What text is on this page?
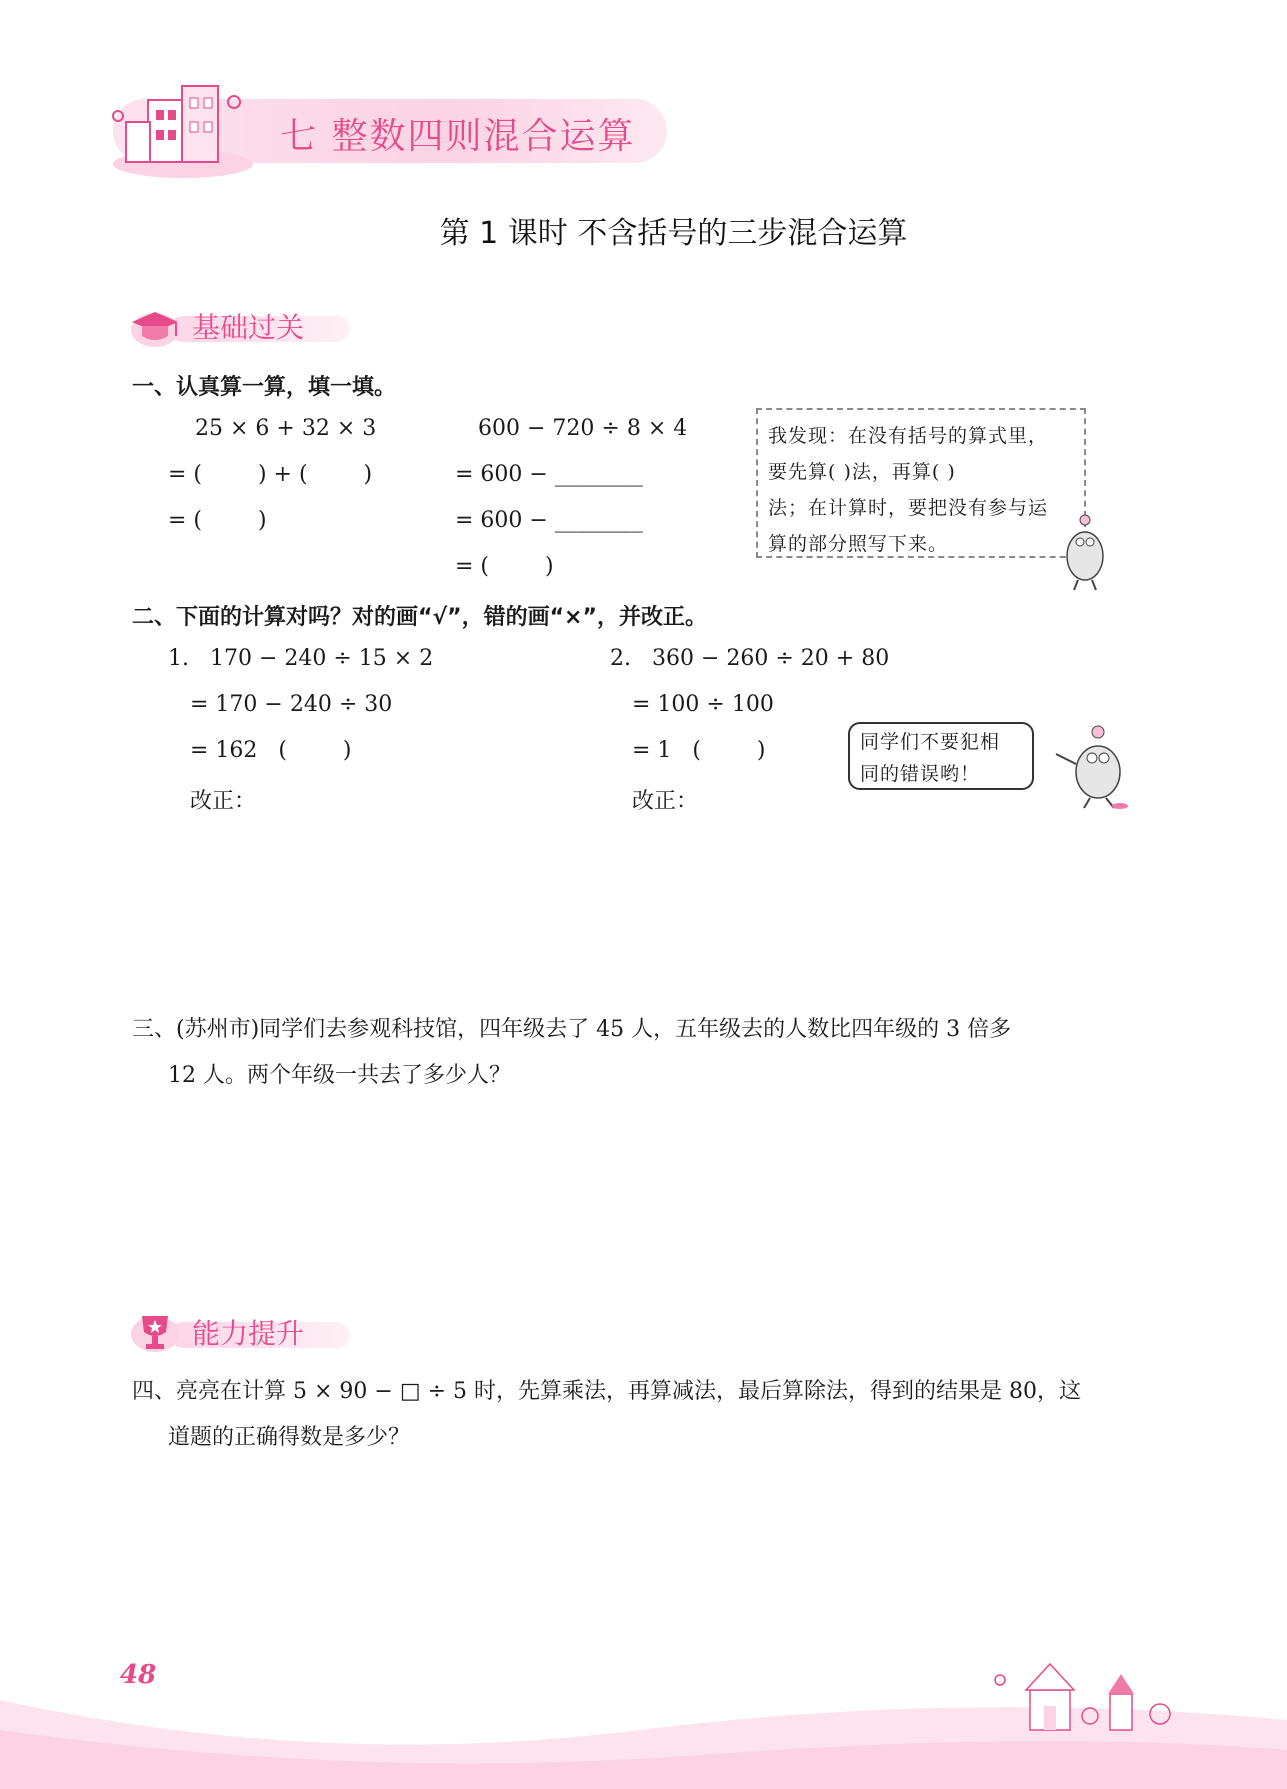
七 整数四则混合运算
第 1 课时 不含括号的三步混合运算
基础过关
一、认真算一算，填一填。
25 × 6 + 32 × 3
= (        ) + (        )
= (        )
600 − 720 ÷ 8 × 4
= 600 − ________
= 600 − ________
= (        )
我发现：在没有括号的算式里，
要先算( )法，再算( )
法；在计算时，要把没有参与运
算的部分照写下来。
二、下面的计算对吗？对的画“√”，错的画“×”，并改正。
1.   170 − 240 ÷ 15 × 2
= 170 − 240 ÷ 30
= 162   (        )
改正：
2.   360 − 260 ÷ 20 + 80
= 100 ÷ 100
= 1   (        )
改正：
同学们不要犯相
同的错误哟！
三、(苏州市)同学们去参观科技馆，四年级去了 45 人，五年级去的人数比四年级的 3 倍多
12 人。两个年级一共去了多少人？
能力提升
四、亮亮在计算 5 × 90 − □ ÷ 5 时，先算乘法，再算减法，最后算除法，得到的结果是 80，这
道题的正确得数是多少？
48
